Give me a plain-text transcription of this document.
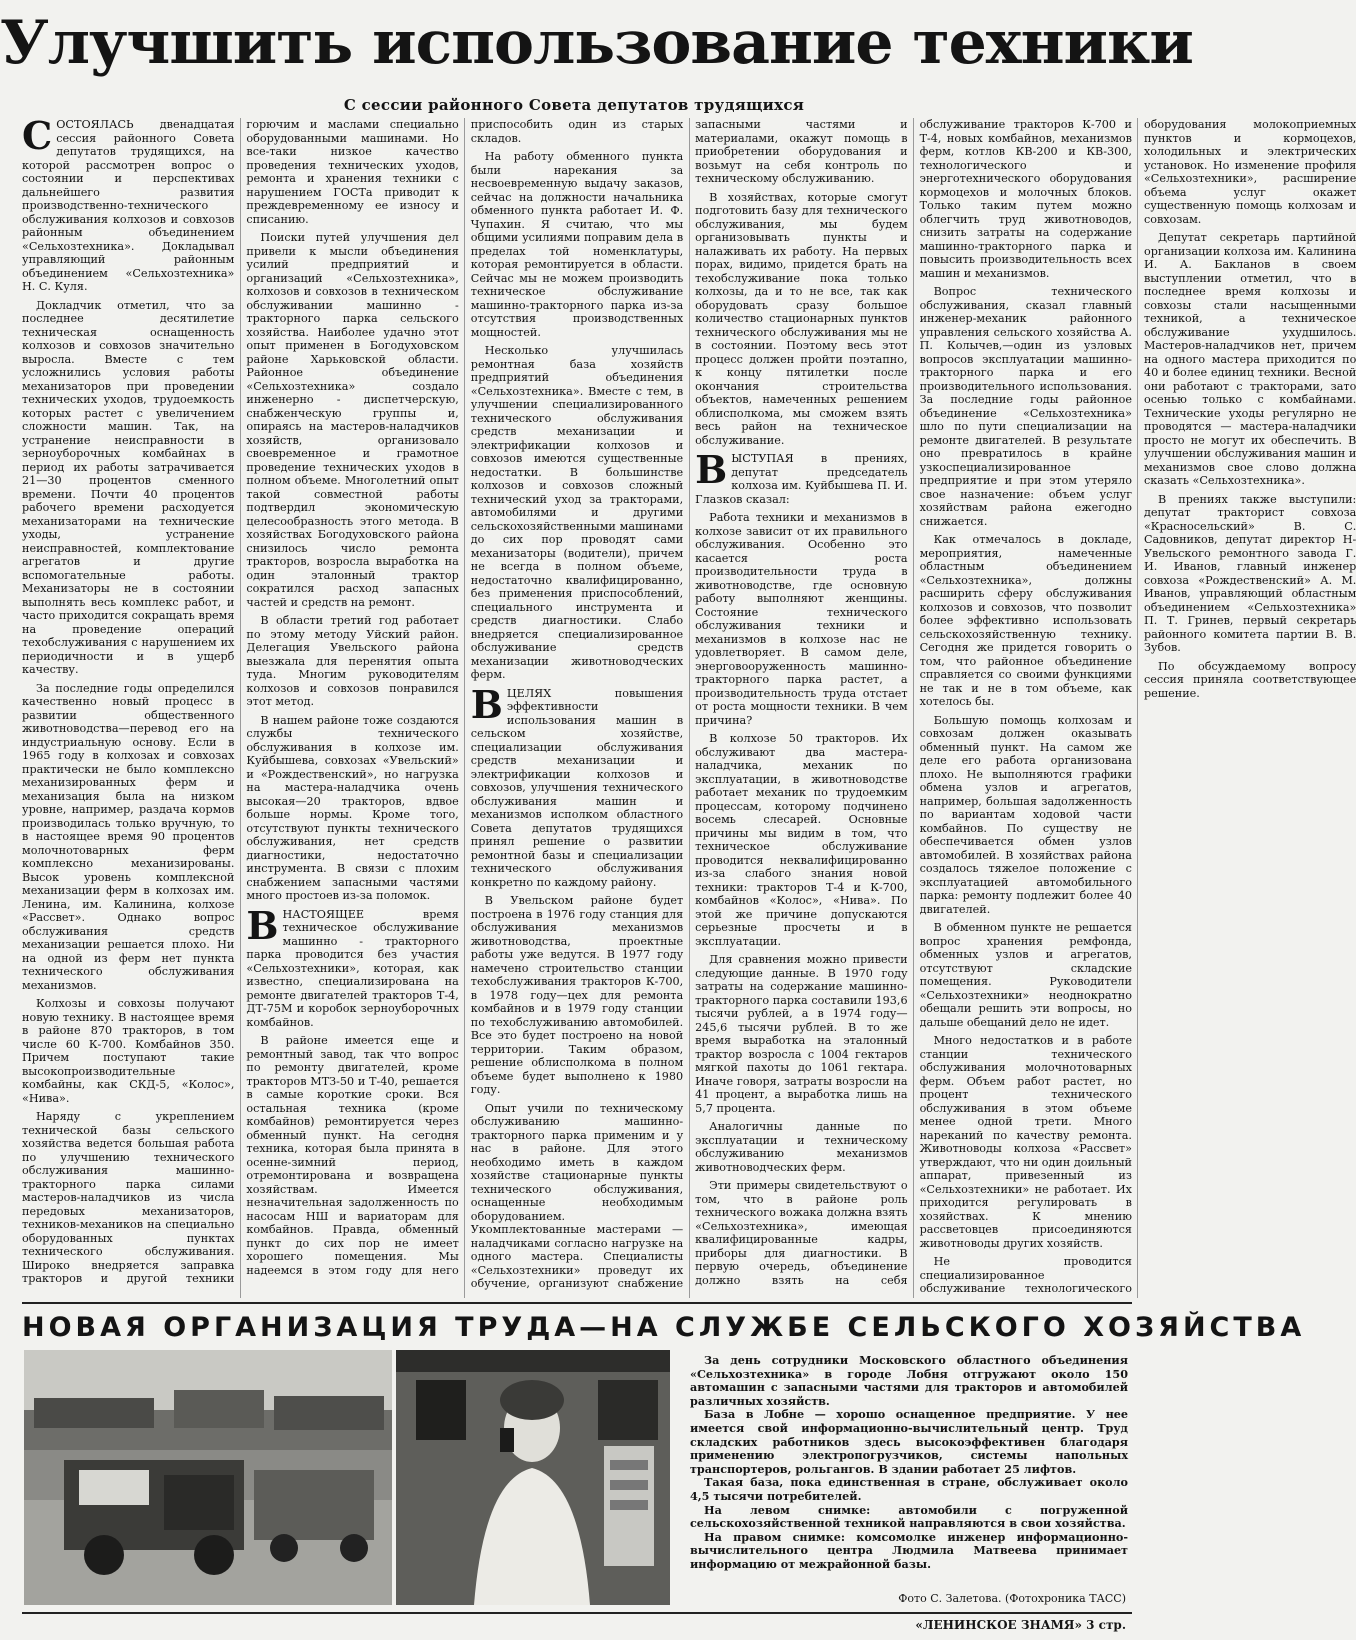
Улучшить использование техники
С сессии районного Совета депутатов трудящихся

СОСТОЯЛАСЬ двенадцатая сессия районного Совета депутатов трудящихся, на которой рассмотрен вопрос о состоянии и перспективах дальнейшего развития производственно-технического обслуживания колхозов и совхозов районным объединением «Сельхозтехника». Докладывал управляющий районным объединением «Сельхозтехника» Н. С. Куля.

Докладчик отметил, что за последнее десятилетие техническая оснащенность колхозов и совхозов значительно выросла. Вместе с тем усложнились условия работы механизаторов при проведении технических уходов, трудоемкость которых растет с увеличением сложности машин. Так, на устранение неисправности в зерноуборочных комбайнах в период их работы затрачивается 21—30 процентов сменного времени. Почти 40 процентов рабочего времени расходуется механизаторами на технические уходы, устранение неисправностей, комплектование агрегатов и другие вспомогательные работы. Механизаторы не в состоянии выполнять весь комплекс работ, и часто приходится сокращать время на проведение операций техобслуживания с нарушением их периодичности и в ущерб качеству.

За последние годы определился качественно новый процесс в развитии общественного животноводства—перевод его на индустриальную основу. Если в 1965 году в колхозах и совхозах практически не было комплексно механизированных ферм и механизация была на низком уровне, например, раздача кормов производилась только вручную, то в настоящее время 90 процентов молочнотоварных ферм комплексно механизированы. Высок уровень комплексной механизации ферм в колхозах им. Ленина, им. Калинина, колхозе «Рассвет». Однако вопрос обслуживания средств механизации решается плохо. Ни на одной из ферм нет пункта технического обслуживания механизмов.

Колхозы и совхозы получают новую технику. В настоящее время в районе 870 тракторов, в том числе 60 К-700. Комбайнов 350. Причем поступают такие высокопроизводительные комбайны, как СКД-5, «Колос», «Нива».

Наряду с укреплением технической базы сельского хозяйства ведется большая работа по улучшению технического обслуживания машинно-тракторного парка силами мастеров-наладчиков из числа передовых механизаторов, техников-механиков на специально оборудованных пунктах технического обслуживания. Широко внедряется заправка тракторов и другой техники горючим и маслами специально оборудованными машинами. Но все-таки низкое качество проведения технических уходов, ремонта и хранения техники с нарушением ГОСТа приводит к преждевременному ее износу и списанию.

Поиски путей улучшения дел привели к мысли объединения усилий предприятий и организаций «Сельхозтехника», колхозов и совхозов в техническом обслуживании машинно - тракторного парка сельского хозяйства. Наиболее удачно этот опыт применен в Богодуховском районе Харьковской области. Районное объединение «Сельхозтехника» создало инженерно - диспетчерскую, снабженческую группы и, опираясь на мастеров-наладчиков хозяйств, организовало своевременное и грамотное проведение технических уходов в полном объеме. Многолетний опыт такой совместной работы подтвердил экономическую целесообразность этого метода. В хозяйствах Богодуховского района снизилось число ремонта тракторов, возросла выработка на один эталонный трактор сократился расход запасных частей и средств на ремонт.

В области третий год работает по этому методу Уйский район. Делегация Увельского района выезжала для перенятия опыта туда. Многим руководителям колхозов и совхозов понравился этот метод.

В нашем районе тоже создаются службы технического обслуживания в колхозе им. Куйбышева, совхозах «Увельский» и «Рождественский», но нагрузка на мастера-наладчика очень высокая—20 тракторов, вдвое больше нормы. Кроме того, отсутствуют пункты технического обслуживания, нет средств диагностики, недостаточно инструмента. В связи с плохим снабжением запасными частями много простоев из-за поломок.

ВНАСТОЯЩЕЕ время техническое обслуживание машинно - тракторного парка проводится без участия «Сельхозтехники», которая, как известно, специализирована на ремонте двигателей тракторов Т-4, ДТ-75М и коробок зерноуборочных комбайнов.

В районе имеется еще и ремонтный завод, так что вопрос по ремонту двигателей, кроме тракторов МТЗ-50 и Т-40, решается в самые короткие сроки. Вся остальная техника (кроме комбайнов) ремонтируется через обменный пункт. На сегодня техника, которая была принята в осенне-зимний период, отремонтирована и возвращена хозяйствам. Имеется незначительная задолженность по насосам НШ и вариаторам для комбайнов. Правда, обменный пункт до сих пор не имеет хорошего помещения. Мы надеемся в этом году для него приспособить один из старых складов.

На работу обменного пункта были нарекания за несвоевременную выдачу заказов, сейчас на должности начальника обменного пункта работает И. Ф. Чупахин. Я считаю, что мы общими усилиями поправим дела в пределах той номенклатуры, которая ремонтируется в области. Сейчас мы не можем производить техническое обслуживание машинно-тракторного парка из-за отсутствия производственных мощностей.

Несколько улучшилась ремонтная база хозяйств предприятий объединения «Сельхозтехника». Вместе с тем, в улучшении специализированного технического обслуживания средств механизации и электрификации колхозов и совхозов имеются существенные недостатки. В большинстве колхозов и совхозов сложный технический уход за тракторами, автомобилями и другими сельскохозяйственными машинами до сих пор проводят сами механизаторы (водители), причем не всегда в полном объеме, недостаточно квалифицированно, без применения приспособлений, специального инструмента и средств диагностики. Слабо внедряется специализированное обслуживание средств механизации животноводческих ферм.

ВЦЕЛЯХ повышения эффективности использования машин в сельском хозяйстве, специализации обслуживания средств механизации и электрификации колхозов и совхозов, улучшения технического обслуживания машин и механизмов исполком областного Совета депутатов трудящихся принял решение о развитии ремонтной базы и специализации технического обслуживания конкретно по каждому району.

В Увельском районе будет построена в 1976 году станция для обслуживания механизмов животноводства, проектные работы уже ведутся. В 1977 году намечено строительство станции техобслуживания тракторов К-700, в 1978 году—цех для ремонта комбайнов и в 1979 году станции по техобслуживанию автомобилей. Все это будет построено на новой территории. Таким образом, решение облисполкома в полном объеме будет выполнено к 1980 году.

Опыт учили по техническому обслуживанию машинно-тракторного парка применим и у нас в районе. Для этого необходимо иметь в каждом хозяйстве стационарные пункты технического обслуживания, оснащенные необходимым оборудованием. Укомплектованные мастерами — наладчиками согласно нагрузке на одного мастера. Специалисты «Сельхозтехники» проведут их обучение, организуют снабжение запасными частями и материалами, окажут помощь в приобретении оборудования и возьмут на себя контроль по техническому обслуживанию.

В хозяйствах, которые смогут подготовить базу для технического обслуживания, мы будем организовывать пункты и налаживать их работу. На первых порах, видимо, придется брать на техобслуживание пока только колхозы, да и то не все, так как оборудовать сразу большое количество стационарных пунктов технического обслуживания мы не в состоянии. Поэтому весь этот процесс должен пройти поэтапно, к концу пятилетки после окончания строительства объектов, намеченных решением облисполкома, мы сможем взять весь район на техническое обслуживание.

ВЫСТУПАЯ в прениях, депутат председатель колхоза им. Куйбышева П. И. Глазков сказал:

Работа техники и механизмов в колхозе зависит от их правильного обслуживания. Особенно это касается роста производительности труда в животноводстве, где основную работу выполняют женщины. Состояние технического обслуживания техники и механизмов в колхозе нас не удовлетворяет. В самом деле, энерговооруженность машинно-тракторного парка растет, а производительность труда отстает от роста мощности техники. В чем причина?

В колхозе 50 тракторов. Их обслуживают два мастера-наладчика, механик по эксплуатации, в животноводстве работает механик по трудоемким процессам, которому подчинено восемь слесарей. Основные причины мы видим в том, что техническое обслуживание проводится неквалифицированно из-за слабого знания новой техники: тракторов Т-4 и К-700, комбайнов «Колос», «Нива». По этой же причине допускаются серьезные просчеты и в эксплуатации.

Для сравнения можно привести следующие данные. В 1970 году затраты на содержание машинно-тракторного парка составили 193,6 тысячи рублей, а в 1974 году—245,6 тысячи рублей. В то же время выработка на эталонный трактор возросла с 1004 гектаров мягкой пахоты до 1061 гектара. Иначе говоря, затраты возросли на 41 процент, а выработка лишь на 5,7 процента.

Аналогичны данные по эксплуатации и техническому обслуживанию механизмов животноводческих ферм.

Эти примеры свидетельствуют о том, что в районе роль технического вожака должна взять «Сельхозтехника», имеющая квалифицированные кадры, приборы для диагностики. В первую очередь, объединение должно взять на себя обслуживание тракторов К-700 и Т-4, новых комбайнов, механизмов ферм, котлов КВ-200 и КВ-300, технологического и энерготехнического оборудования кормоцехов и молочных блоков. Только таким путем можно облегчить труд животноводов, снизить затраты на содержание машинно-тракторного парка и повысить производительность всех машин и механизмов.

Вопрос технического обслуживания, сказал главный инженер-механик районного управления сельского хозяйства А. П. Колычев,—один из узловых вопросов эксплуатации машинно-тракторного парка и его производительного использования. За последние годы районное объединение «Сельхозтехника» шло по пути специализации на ремонте двигателей. В результате оно превратилось в крайне узкоспециализированное предприятие и при этом утеряло свое назначение: объем услуг хозяйствам района ежегодно снижается.

Как отмечалось в докладе, мероприятия, намеченные областным объединением «Сельхозтехника», должны расширить сферу обслуживания колхозов и совхозов, что позволит более эффективно использовать сельскохозяйственную технику. Сегодня же придется говорить о том, что районное объединение справляется со своими функциями не так и не в том объеме, как хотелось бы.

Большую помощь колхозам и совхозам должен оказывать обменный пункт. На самом же деле его работа организована плохо. Не выполняются графики обмена узлов и агрегатов, например, большая задолженность по вариантам ходовой части комбайнов. По существу не обеспечивается обмен узлов автомобилей. В хозяйствах района создалось тяжелое положение с эксплуатацией автомобильного парка: ремонту подлежит более 40 двигателей.

В обменном пункте не решается вопрос хранения ремфонда, обменных узлов и агрегатов, отсутствуют складские помещения. Руководители «Сельхозтехники» неоднократно обещали решить эти вопросы, но дальше обещаний дело не идет.

Много недостатков и в работе станции технического обслуживания молочнотоварных ферм. Объем работ растет, но процент технического обслуживания в этом объеме менее одной трети. Много нареканий по качеству ремонта. Животноводы колхоза «Рассвет» утверждают, что ни один доильный аппарат, привезенный из «Сельхозтехники» не работает. Их приходится регулировать в хозяйствах. К мнению рассветовцев присоединяются животноводы других хозяйств.

Не проводится специализированное обслуживание технологического оборудования молокоприемных пунктов и кормоцехов, холодильных и электрических установок. Но изменение профиля «Сельхозтехники», расширение объема услуг окажет существенную помощь колхозам и совхозам.

Депутат секретарь партийной организации колхоза им. Калинина И. А. Бакланов в своем выступлении отметил, что в последнее время колхозы и совхозы стали насыщенными техникой, а техническое обслуживание ухудшилось. Мастеров-наладчиков нет, причем на одного мастера приходится по 40 и более единиц техники. Весной они работают с тракторами, зато осенью только с комбайнами. Технические уходы регулярно не проводятся — мастера-наладчики просто не могут их обеспечить. В улучшении обслуживания машин и механизмов свое слово должна сказать «Сельхозтехника».

В прениях также выступили: депутат тракторист совхоза «Красносельский» В. С. Садовников, депутат директор Н-Увельского ремонтного завода Г. И. Иванов, главный инженер совхоза «Рождественский» А. М. Иванов, управляющий областным объединением «Сельхозтехника» П. Т. Гринев, первый секретарь районного комитета партии В. В. Зубов.

По обсуждаемому вопросу сессия приняла соответствующее решение.

НОВАЯ ОРГАНИЗАЦИЯ ТРУДА—НА СЛУЖБЕ СЕЛЬСКОГО ХОЗЯЙСТВА

За день сотрудники Московского областного объединения «Сельхозтехника» в городе Лобня отгружают около 150 автомашин с запасными частями для тракторов и автомобилей различных хозяйств.

База в Лобне — хорошо оснащенное предприятие. У нее имеется свой информационно-вычислительный центр. Труд складских работников здесь высокоэффективен благодаря применению электропогрузчиков, системы напольных транспортеров, рольгангов. В здании работает 25 лифтов.

Такая база, пока единственная в стране, обслуживает около 4,5 тысячи потребителей.

На левом снимке: автомобили с погруженной сельскохозяйственной техникой направляются в свои хозяйства.

На правом снимке: комсомолке инженер информационно-вычислительного центра Людмила Матвеева принимает информацию от межрайонной базы.

Фото С. Залетова. (Фотохроника ТАСС)
«ЛЕНИНСКОЕ ЗНАМЯ» 3 стр.
